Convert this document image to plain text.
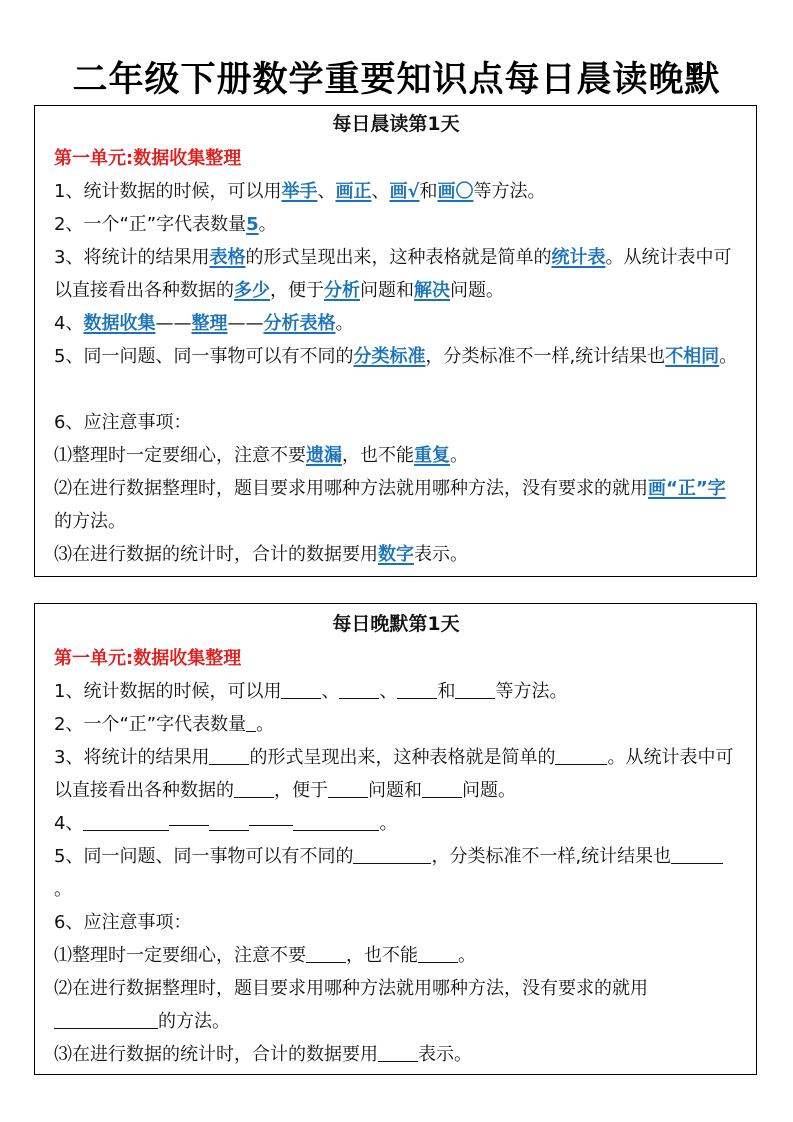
二年级下册数学重要知识点每日晨读晚默
每日晨读第1天
第一单元:数据收集整理
1、统计数据的时候，可以用举手、画正、画√和画〇等方法。
2、一个“正”字代表数量5。
3、将统计的结果用表格的形式呈现出来，这种表格就是简单的统计表。从统计表中可以直接看出各种数据的多少，便于分析问题和解决问题。
4、数据收集——整理——分析表格。
5、同一问题、同一事物可以有不同的分类标准，分类标准不一样,统计结果也不相同。
6、应注意事项：
⑴整理时一定要细心，注意不要遗漏，也不能重复。
⑵在进行数据整理时，题目要求用哪种方法就用哪种方法，没有要求的就用画“正”字的方法。
⑶在进行数据的统计时，合计的数据要用数字表示。
每日晚默第1天
第一单元:数据收集整理
1、统计数据的时候，可以用 、 、 和 等方法。
2、一个“正”字代表数量 。
3、将统计的结果用 的形式呈现出来，这种表格就是简单的	。从统计表中可以直接看出各种数据的 ，便于 问题和 问题。
4、	。
5、同一问题、同一事物可以有不同的	，分类标准不一样,统计结果也。
6、应注意事项：
⑴整理时一定要细心，注意不要 ，也不能 。
⑵在进行数据整理时，题目要求用哪种方法就用哪种方法，没有要求的就用的方法。
⑶在进行数据的统计时，合计的数据要用 表示。
